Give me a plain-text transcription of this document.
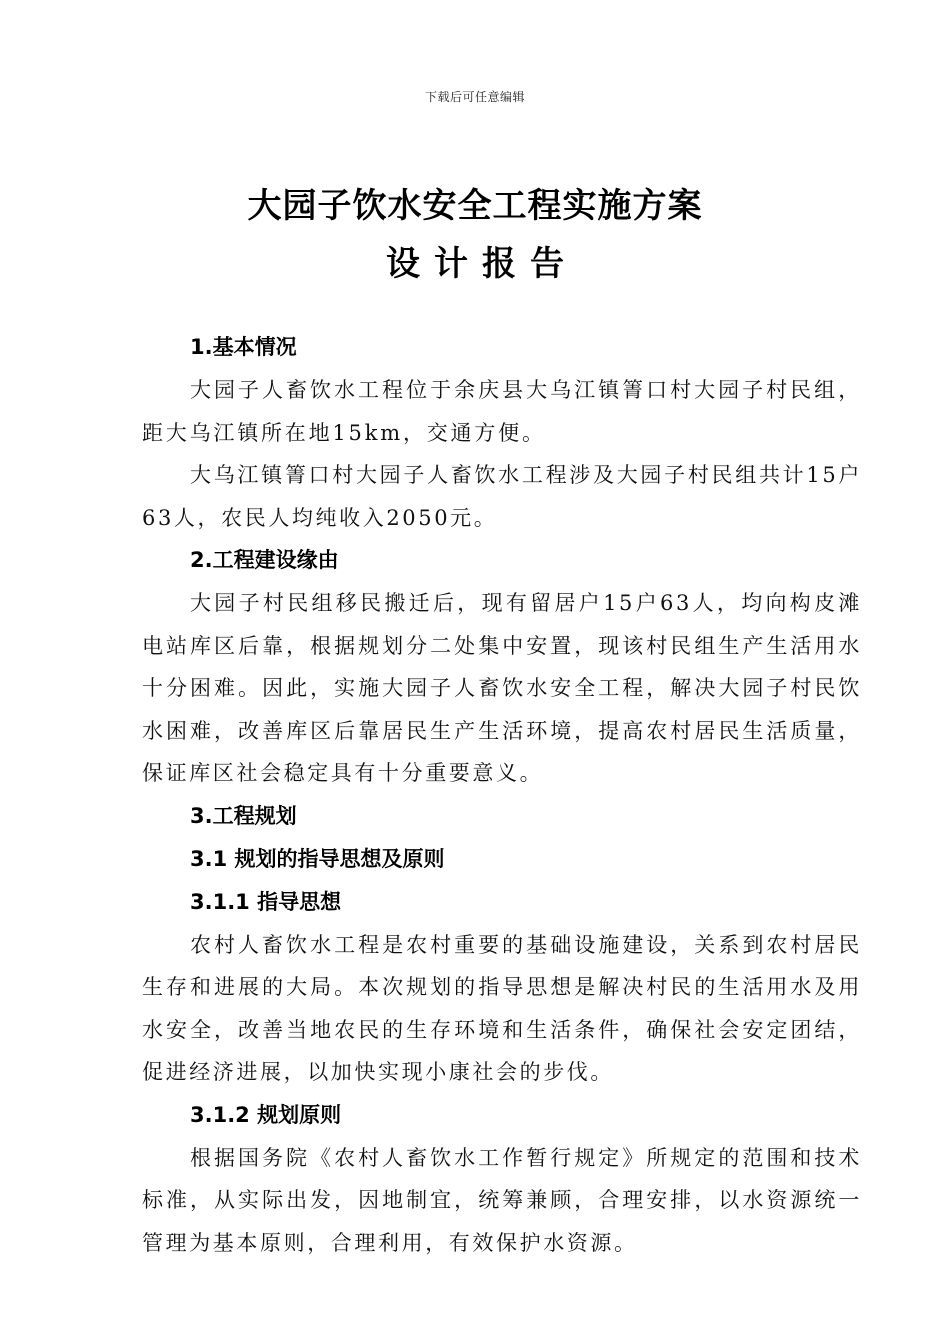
下载后可任意编辑
大园子饮水安全工程实施方案
设计报告
1.基本情况

大园子人畜饮水工程位于余庆县大乌江镇箐口村大园子村民组，距大乌江镇所在地15km，交通方便。

大乌江镇箐口村大园子人畜饮水工程涉及大园子村民组共计15户63人，农民人均纯收入2050元。

2.工程建设缘由

大园子村民组移民搬迁后，现有留居户15户63人，均向构皮滩电站库区后靠，根据规划分二处集中安置，现该村民组生产生活用水十分困难。因此，实施大园子人畜饮水安全工程，解决大园子村民饮水困难，改善库区后靠居民生产生活环境，提高农村居民生活质量，保证库区社会稳定具有十分重要意义。

3.工程规划
3.1 规划的指导思想及原则
3.1.1 指导思想

农村人畜饮水工程是农村重要的基础设施建设，关系到农村居民生存和进展的大局。本次规划的指导思想是解决村民的生活用水及用水安全，改善当地农民的生存环境和生活条件，确保社会安定团结，促进经济进展，以加快实现小康社会的步伐。

3.1.2 规划原则

根据国务院《农村人畜饮水工作暂行规定》所规定的范围和技术标准，从实际出发，因地制宜，统筹兼顾，合理安排，以水资源统一管理为基本原则，合理利用，有效保护水资源。
